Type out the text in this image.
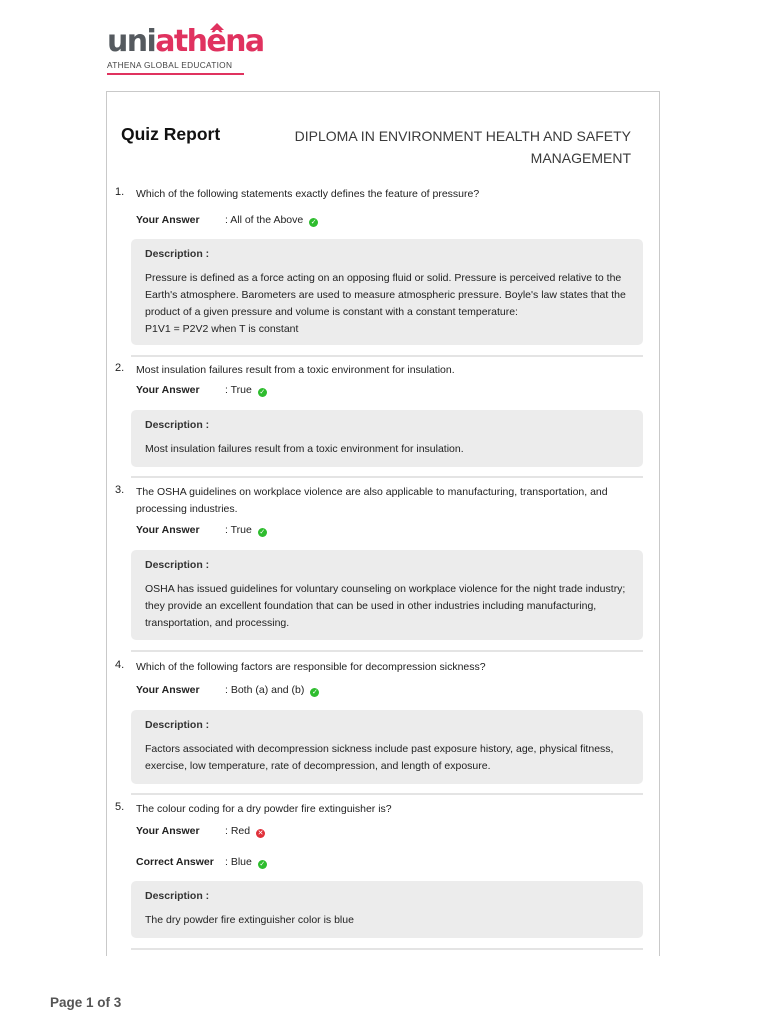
uniathêna
ATHENA GLOBAL EDUCATION
Quiz Report	DIPLOMA IN ENVIRONMENT HEALTH AND SAFETY MANAGEMENT
1. Which of the following statements exactly defines the feature of pressure?
Your Answer : All of the Above ✓
Description :
Pressure is defined as a force acting on an opposing fluid or solid. Pressure is perceived relative to the Earth's atmosphere. Barometers are used to measure atmospheric pressure. Boyle's law states that the product of a given pressure and volume is constant with a constant temperature:
P1V1 = P2V2 when T is constant
2. Most insulation failures result from a toxic environment for insulation.
Your Answer : True ✓
Description :
Most insulation failures result from a toxic environment for insulation.
3. The OSHA guidelines on workplace violence are also applicable to manufacturing, transportation, and processing industries.
Your Answer : True ✓
Description :
OSHA has issued guidelines for voluntary counseling on workplace violence for the night trade industry; they provide an excellent foundation that can be used in other industries including manufacturing, transportation, and processing.
4. Which of the following factors are responsible for decompression sickness?
Your Answer : Both (a) and (b) ✓
Description :
Factors associated with decompression sickness include past exposure history, age, physical fitness, exercise, low temperature, rate of decompression, and length of exposure.
5. The colour coding for a dry powder fire extinguisher is?
Your Answer : Red ✕
Correct Answer : Blue ✓
Description :
The dry powder fire extinguisher color is blue
Page 1 of 3
